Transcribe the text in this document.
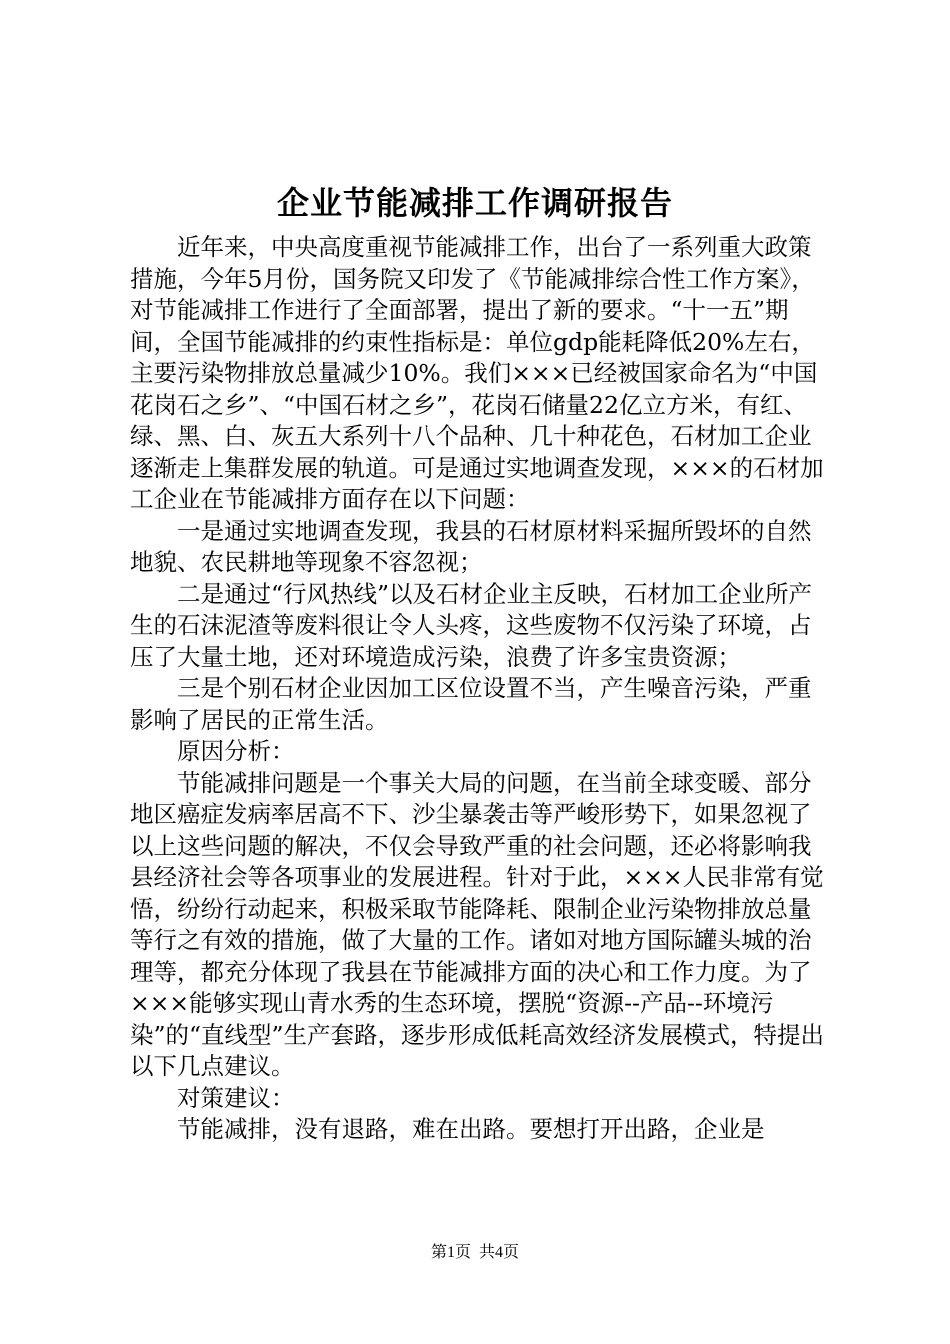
企业节能减排工作调研报告

近年来，中央高度重视节能减排工作，出台了一系列重大政策措施，今年5月份，国务院又印发了《节能减排综合性工作方案》，对节能减排工作进行了全面部署，提出了新的要求。“十一五”期间，全国节能减排的约束性指标是：单位gdp能耗降低20%左右，主要污染物排放总量减少10%。我们×××已经被国家命名为“中国花岗石之乡”、“中国石材之乡”，花岗石储量22亿立方米，有红、绿、黑、白、灰五大系列十八个品种、几十种花色，石材加工企业逐渐走上集群发展的轨道。可是通过实地调查发现，×××的石材加工企业在节能减排方面存在以下问题：

一是通过实地调查发现，我县的石材原材料采掘所毁坏的自然地貌、农民耕地等现象不容忽视；

二是通过“行风热线”以及石材企业主反映，石材加工企业所产生的石沫泥渣等废料很让令人头疼，这些废物不仅污染了环境，占压了大量土地，还对环境造成污染，浪费了许多宝贵资源；

三是个别石材企业因加工区位设置不当，产生噪音污染，严重影响了居民的正常生活。

原因分析：

节能减排问题是一个事关大局的问题，在当前全球变暖、部分地区癌症发病率居高不下、沙尘暴袭击等严峻形势下，如果忽视了以上这些问题的解决，不仅会导致严重的社会问题，还必将影响我县经济社会等各项事业的发展进程。针对于此，×××人民非常有觉悟，纷纷行动起来，积极采取节能降耗、限制企业污染物排放总量等行之有效的措施，做了大量的工作。诸如对地方国际罐头城的治理等，都充分体现了我县在节能减排方面的决心和工作力度。为了×××能够实现山青水秀的生态环境，摆脱“资源--产品--环境污染”的“直线型”生产套路，逐步形成低耗高效经济发展模式，特提出以下几点建议。

对策建议：

节能减排，没有退路，难在出路。要想打开出路，企业是

第1页 共4页
